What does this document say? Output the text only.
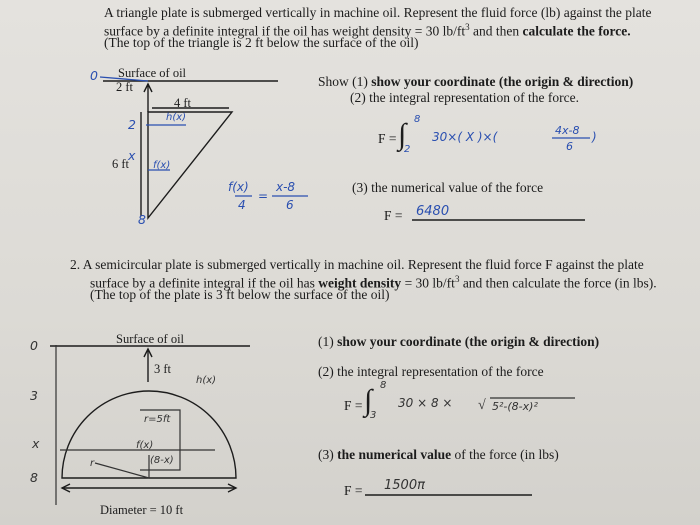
A triangle plate is submerged vertically in machine oil. Represent the fluid force (lb) against the plate
surface by a definite integral if the oil has weight density = 30 $lb/ft^3$ and then calculate the force.
(The top of the triangle is 2 ft below the surface of the oil)
Surface of oil
2 ft
4 ft
6 ft
0
2	h(x)
x
f(x)
8
f(x)
4
=
x-8
6
Show (1) show your coordinate (the origin & direction)
(2) the integral representation of the force.
F = ∫ 8
2
30×( X )×(	4x-8
6
)
(3) the numerical value of the force
F = 6480
2. A semicircular plate is submerged vertically in machine oil. Represent the fluid force F against the plate
surface by a definite integral if the oil has weight density = 30 $lb/ft^3$ and then calculate the force (in lbs).
(The top of the plate is 3 ft below the surface of the oil)
Surface of oil
3 ft
Diameter = 10 ft
0
3
x
8
h(x)
r
r=5ft
f(x)
(8-x)
(1) show your coordinate (the origin & direction)
(2) the integral representation of the force
F = ∫ 8
3
30 × 8 × √ 5²-(8-x)²
(3) the numerical value of the force (in lbs)
F = 1500π
